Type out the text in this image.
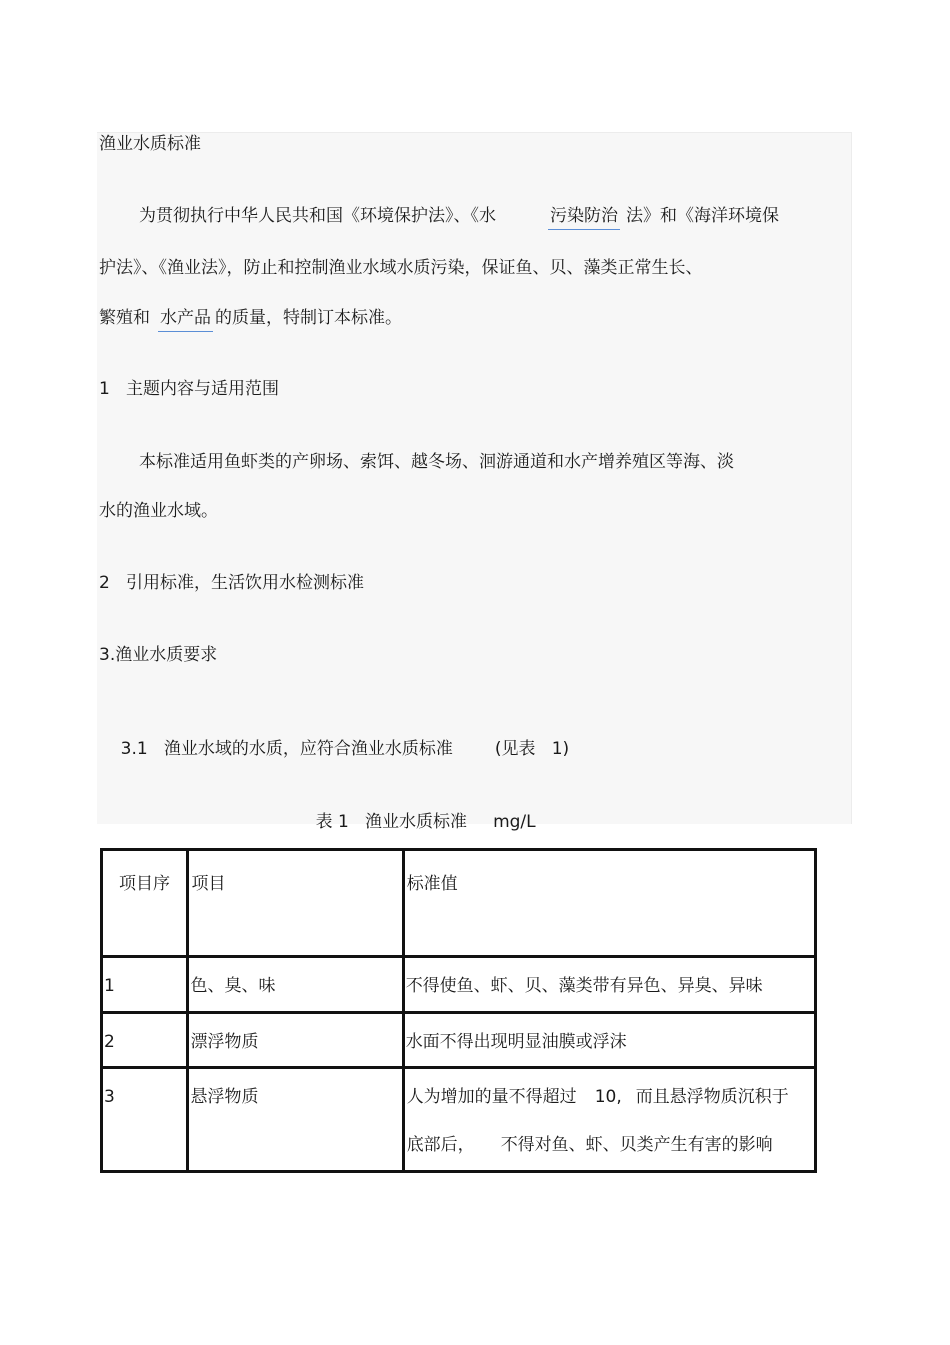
渔业水质标准
为贯彻执行中华人民共和国《环境保护法》、《水	污染防治 法》和《海洋环境保
护法》、《渔业法》，防止和控制渔业水域水质污染，保证鱼、贝、藻类正常生长、
繁殖和 水产品 的质量，特制订本标准。
1   主题内容与适用范围
本标准适用鱼虾类的产卵场、索饵、越冬场、洄游通道和水产增养殖区等海、淡
水的渔业水域。
2   引用标准，生活饮用水检测标准
3.渔业水质要求

3.1   渔业水域的水质，应符合渔业水质标准 (见表   1)

表 1   渔业水质标准 mg/L

项目序	项目	标准值

1	色、臭、味	不得使鱼、虾、贝、藻类带有异色、异臭、异味

2	漂浮物质	水面不得出现明显油膜或浮沫

3	悬浮物质	人为增加的量不得超过 10, 而且悬浮物质沉积于
底部后， 不得对鱼、虾、贝类产生有害的影响
